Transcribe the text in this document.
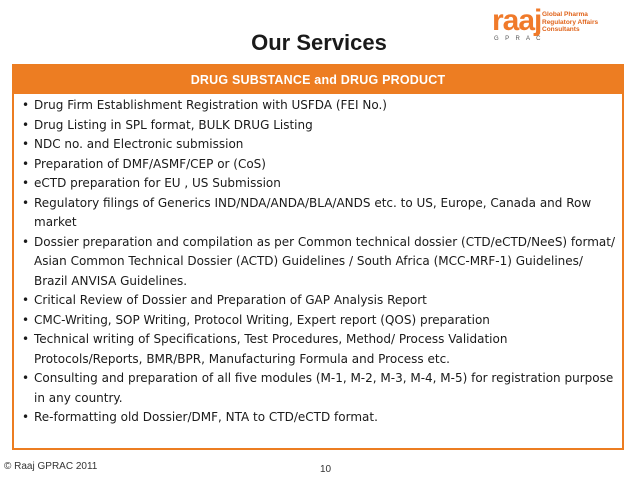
Our Services
raaj
G P R A C
Global Pharma Regulatory Affairs Consultants
DRUG SUBSTANCE and DRUG PRODUCT
• Drug Firm Establishment Registration with USFDA (FEI No.)
• Drug Listing in SPL format, BULK DRUG Listing
• NDC no. and Electronic submission
• Preparation of DMF/ASMF/CEP or (CoS)
• eCTD preparation for EU , US Submission
• Regulatory filings of Generics IND/NDA/ANDA/BLA/ANDS etc. to US, Europe, Canada and Row market
• Dossier preparation and compilation as per Common technical dossier (CTD/eCTD/NeeS) format/ Asian Common Technical Dossier (ACTD) Guidelines / South Africa (MCC-MRF-1) Guidelines/ Brazil ANVISA Guidelines.
• Critical Review of Dossier and Preparation of GAP Analysis Report
• CMC-Writing, SOP Writing, Protocol Writing, Expert report (QOS) preparation
• Technical writing of Specifications, Test Procedures, Method/ Process Validation Protocols/Reports, BMR/BPR, Manufacturing Formula and Process etc.
• Consulting and preparation of all five modules (M-1, M-2, M-3, M-4, M-5) for registration purpose in any country.
• Re-formatting old Dossier/DMF, NTA to CTD/eCTD format.
© Raaj GPRAC 2011	10
